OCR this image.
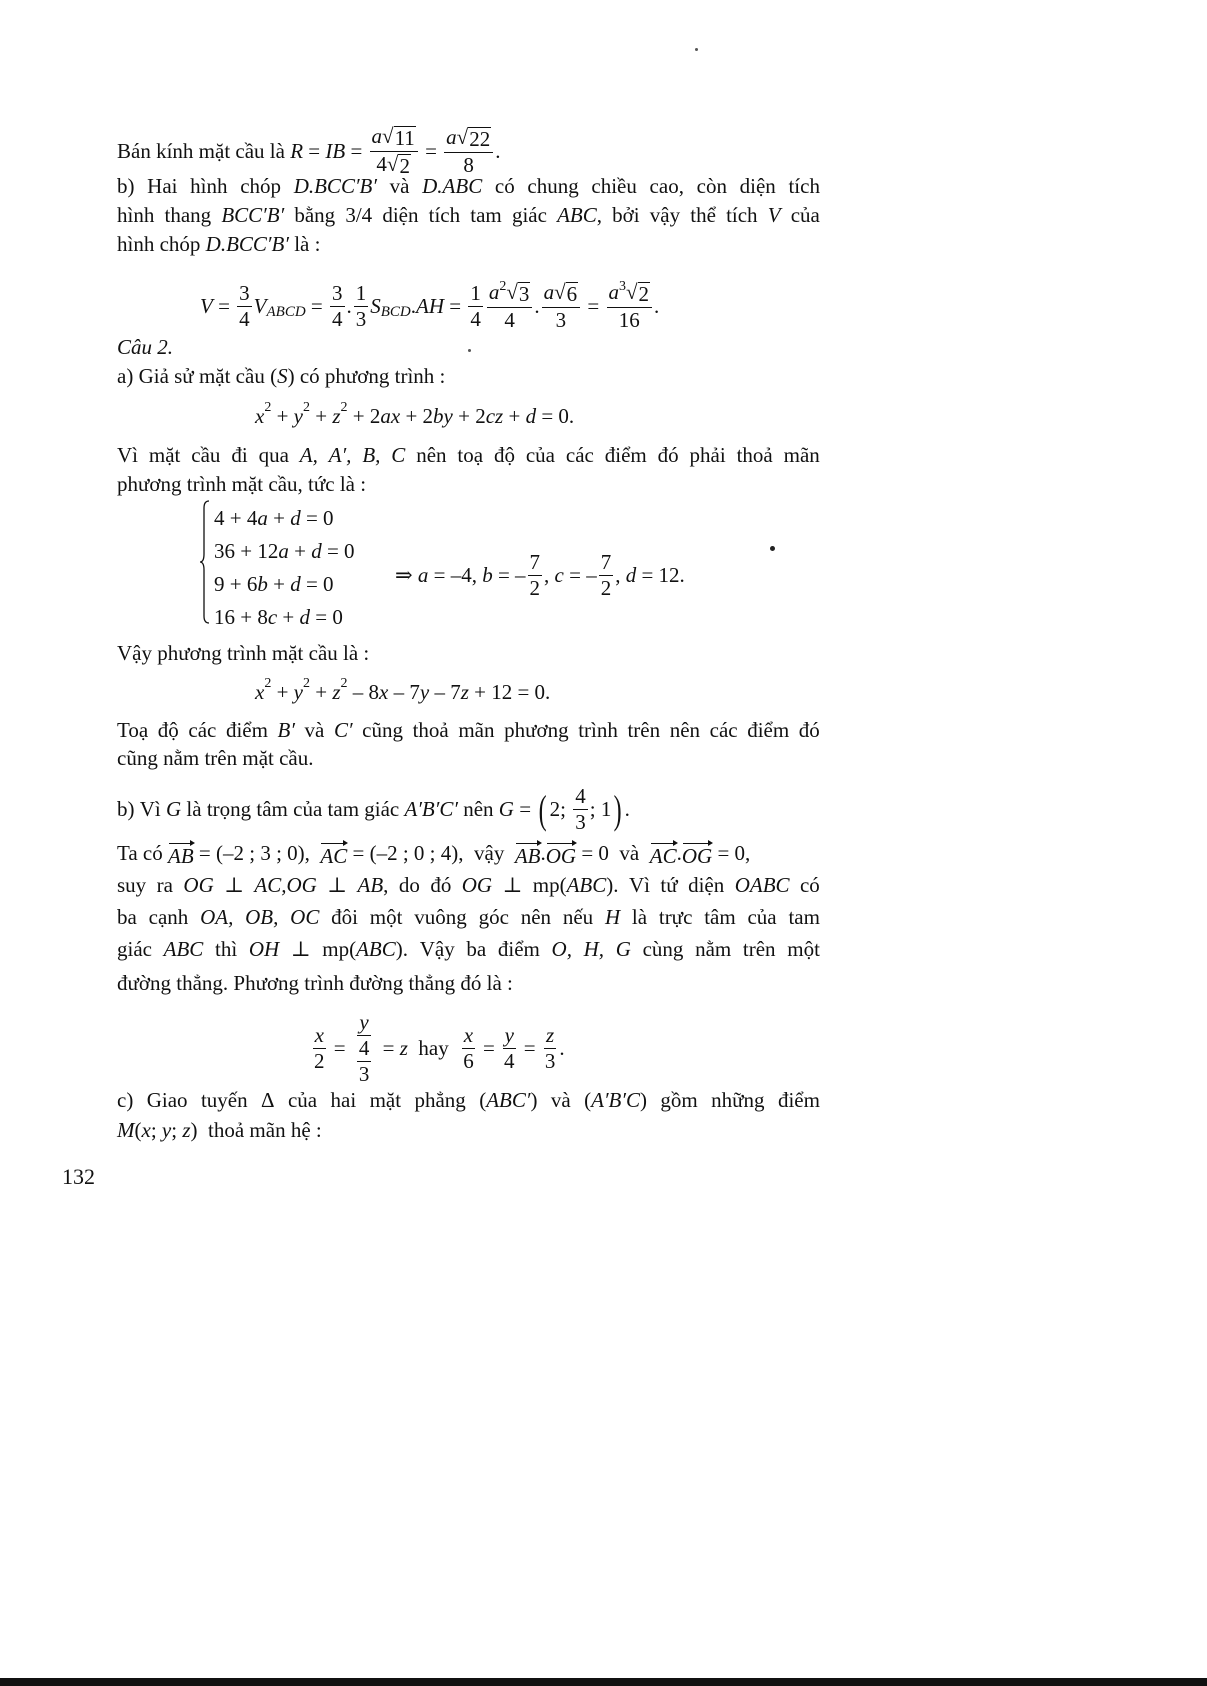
Bán kính mặt cầu là R = IB = $\frac{a √ 11}{4 √ 2} = \frac{a √ 22}{8}$ .
b) Hai hình chóp D.BCC′B′ và D.ABC có chung chiều cao, còn diện tích
hình thang BCC′B′ bằng 3/4 diện tích tam giác ABC, bởi vậy thể tích V của
hình chóp D.BCC′B′ là :
$V = \frac{3}{4}$ V ABCD = $\frac{3}{4}$ . $\frac{1}{3}$ S BCD . AH = $\frac{1}{4} \frac{a^2 √ 3}{4}$ . $\frac{a √ 6}{3} = \frac{a^3 √ 2}{16}$ .
Câu 2.
a) Giả sử mặt cầu ( S ) có phương trình :
x 2 + y 2 + z 2 + 2 ax + 2 by + 2 cz + d = 0.
Vì mặt cầu đi qua A, A′, B, C nên toạ độ của các điểm đó phải thoả mãn
phương trình mặt cầu, tức là :
⇒ a = –4, b = – $\frac{7}{2}$ , c = – $\frac{7}{2}$ , d = 12.
Vậy phương trình mặt cầu là :
x 2 + y 2 + z 2 – 8 x – 7 y – 7 z + 12 = 0.
Toạ độ các điểm B′ và C′ cũng thoả mãn phương trình trên nên các điểm đó
cũng nằm trên mặt cầu.
b) Vì G là trọng tâm của tam giác A′B′C′ nên G = ( 2; $\frac{4}{3}$ ; 1 ) .
Ta có AB = (–2 ; 3 ; 0), AC = (–2 ; 0 ; 4),  vậy AB . OG = 0  và AC . OG = 0,
suy ra OG ⊥ AC,OG ⊥ AB, do đó OG ⊥ mp(ABC). Vì tứ diện OABC có
ba cạnh OA, OB, OC đôi một vuông góc nên nếu H là trực tâm của tam
giác ABC thì OH ⊥ mp(ABC). Vậy ba điểm O, H, G cùng nằm trên một
đường thẳng. Phương trình đường thẳng đó là :
$\frac{x}{2} = \frac{y}{\frac{4}{3}} = z$ hay $\frac{x}{6} = \frac{y}{4} = \frac{z}{3}$ .
c) Giao tuyến Δ của hai mặt phẳng (ABC′) và (A′B′C) gồm những điểm
M ( x ; y ; z )  thoả mãn hệ :
4 + 4a + d = 0
36 + 12a + d = 0
9 + 6b + d = 0
16 + 8c + d = 0
132
